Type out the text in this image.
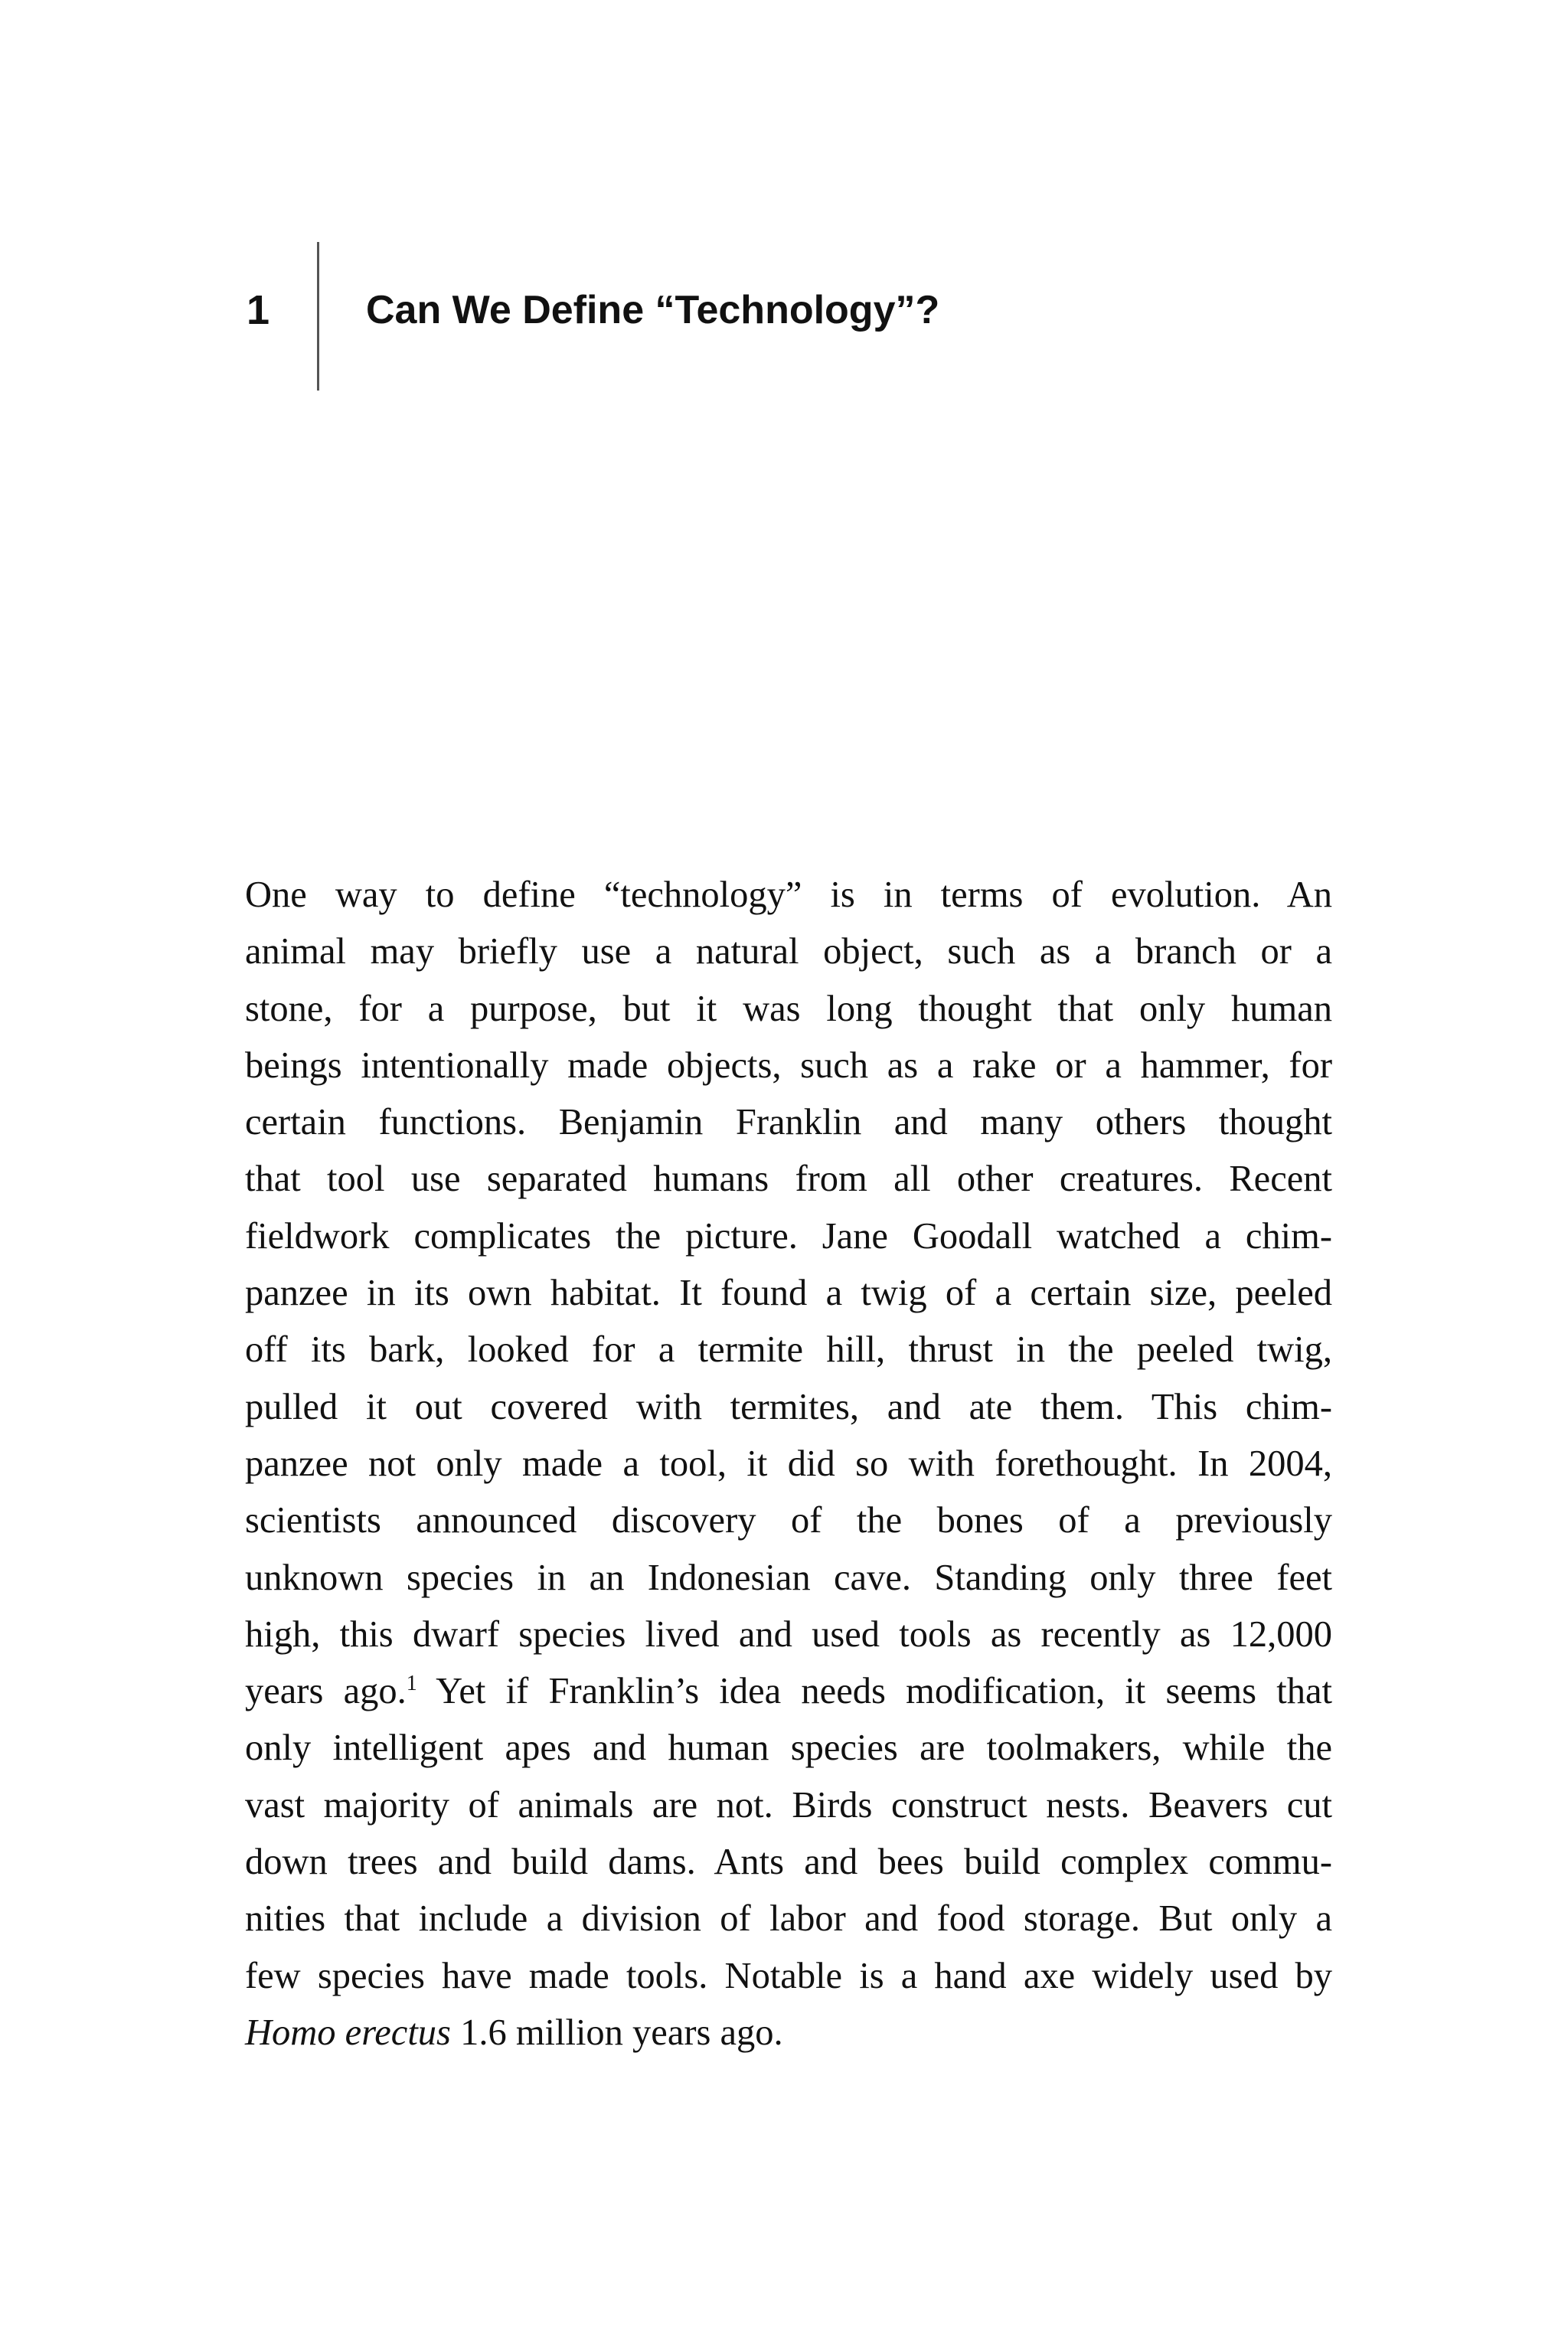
1 Can We Define “Technology”?
One way to define “technology” is in terms of evolution. An
animal may briefly use a natural object, such as a branch or a
stone, for a purpose, but it was long thought that only human
beings intentionally made objects, such as a rake or a hammer, for
certain functions. Benjamin Franklin and many others thought
that tool use separated humans from all other creatures. Recent
fieldwork complicates the picture. Jane Goodall watched a chim-
panzee in its own habitat. It found a twig of a certain size, peeled
off its bark, looked for a termite hill, thrust in the peeled twig,
pulled it out covered with termites, and ate them. This chim-
panzee not only made a tool, it did so with forethought. In 2004,
scientists announced discovery of the bones of a previously
unknown species in an Indonesian cave. Standing only three feet
high, this dwarf species lived and used tools as recently as 12,000
years ago.$^1$ Yet if Franklin’s idea needs modification, it seems that
only intelligent apes and human species are toolmakers, while the
vast majority of animals are not. Birds construct nests. Beavers cut
down trees and build dams. Ants and bees build complex commu-
nities that include a division of labor and food storage. But only a
few species have made tools. Notable is a hand axe widely used by
Homo erectus 1.6 million years ago.
